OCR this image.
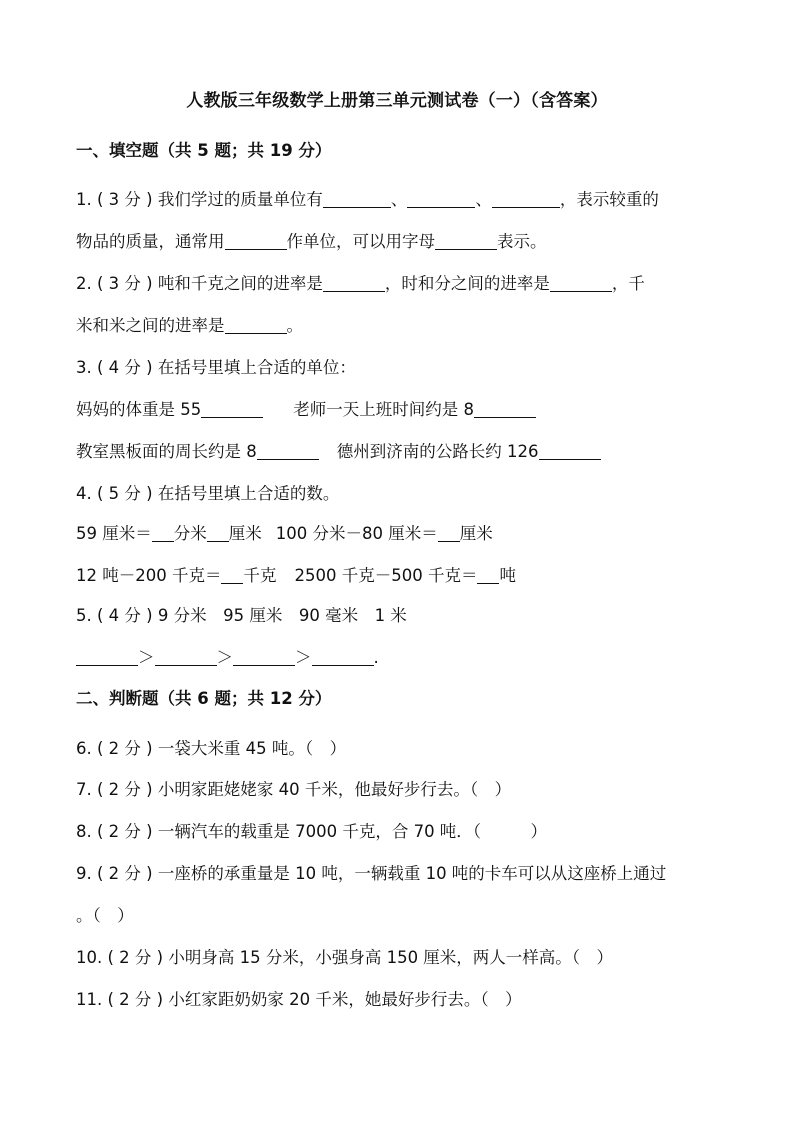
人教版三年级数学上册第三单元测试卷（一）（含答案）
一、填空题（共 5 题；共 19 分）
1. ( 3 分 ) 我们学过的质量单位有	、	、	，表示较重的
物品的质量，通常用	作单位，可以用字母	表示。
2. ( 3 分 ) 吨和千克之间的进率是	，时和分之间的进率是	，千
米和米之间的进率是	。
3. ( 4 分 ) 在括号里填上合适的单位：
妈妈的体重是 55	老师一天上班时间约是 8
教室黑板面的周长约是 8	德州到济南的公路长约 126
4. ( 5 分 ) 在括号里填上合适的数。
59 厘米＝ 分米 厘米 100 分米－80 厘米＝ 厘米
12 吨－200 千克＝ 千克 2500 千克－500 千克＝ 吨
5. ( 4 分 ) 9 分米　95 厘米　90 毫米　1 米
＞	＞	＞	.
二、判断题（共 6 题；共 12 分）
6. ( 2 分 ) 一袋大米重 45 吨。（　）
7. ( 2 分 ) 小明家距姥姥家 40 千米，他最好步行去。（　）
8. ( 2 分 ) 一辆汽车的载重是 7000 千克，合 70 吨．（　　　）
9. ( 2 分 ) 一座桥的承重量是 10 吨，一辆载重 10 吨的卡车可以从这座桥上通过
。（　）
10. ( 2 分 ) 小明身高 15 分米，小强身高 150 厘米，两人一样高。（　）
11. ( 2 分 ) 小红家距奶奶家 20 千米，她最好步行去。（　）
